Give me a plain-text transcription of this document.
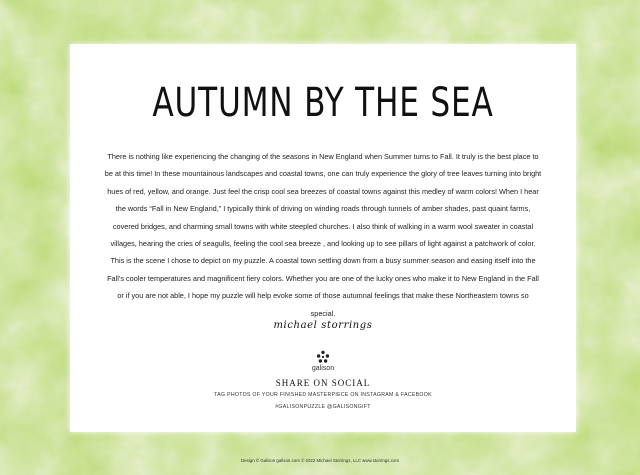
AUTUMN BY THE SEA
There is nothing like experiencing the changing of the seasons in New England when Summer turns to Fall. It truly is the best place to be at this time! In these mountainous landscapes and coastal towns, one can truly experience the glory of tree leaves turning into bright hues of red, yellow, and orange. Just feel the crisp cool sea breezes of coastal towns against this medley of warm colors! When I hear the words “Fall in New England,” I typically think of driving on winding roads through tunnels of amber shades, past quaint farms, covered bridges, and charming small towns with white steepled churches. I also think of walking in a warm wool sweater in coastal villages, hearing the cries of seagulls, feeling the cool sea breeze , and looking up to see pillars of light against a patchwork of color. This is the scene I chose to depict on my puzzle. A coastal town settling down from a busy summer season and easing itself into the Fall’s cooler temperatures and magnificent fiery colors. Whether you are one of the lucky ones who make it to New England in the Fall or if you are not able, I hope my puzzle will help evoke some of those autumnal feelings that make these Northeastern towns so special.
michael storrings
galison
SHARE ON SOCIAL
TAG PHOTOS OF YOUR FINISHED MASTERPIECE ON INSTAGRAM & FACEBOOK
#GALISONPUZZLE @GALISONGIFT
Design © Galison galison.com © 2022 Michael Storrings, LLC www.storrings.com
